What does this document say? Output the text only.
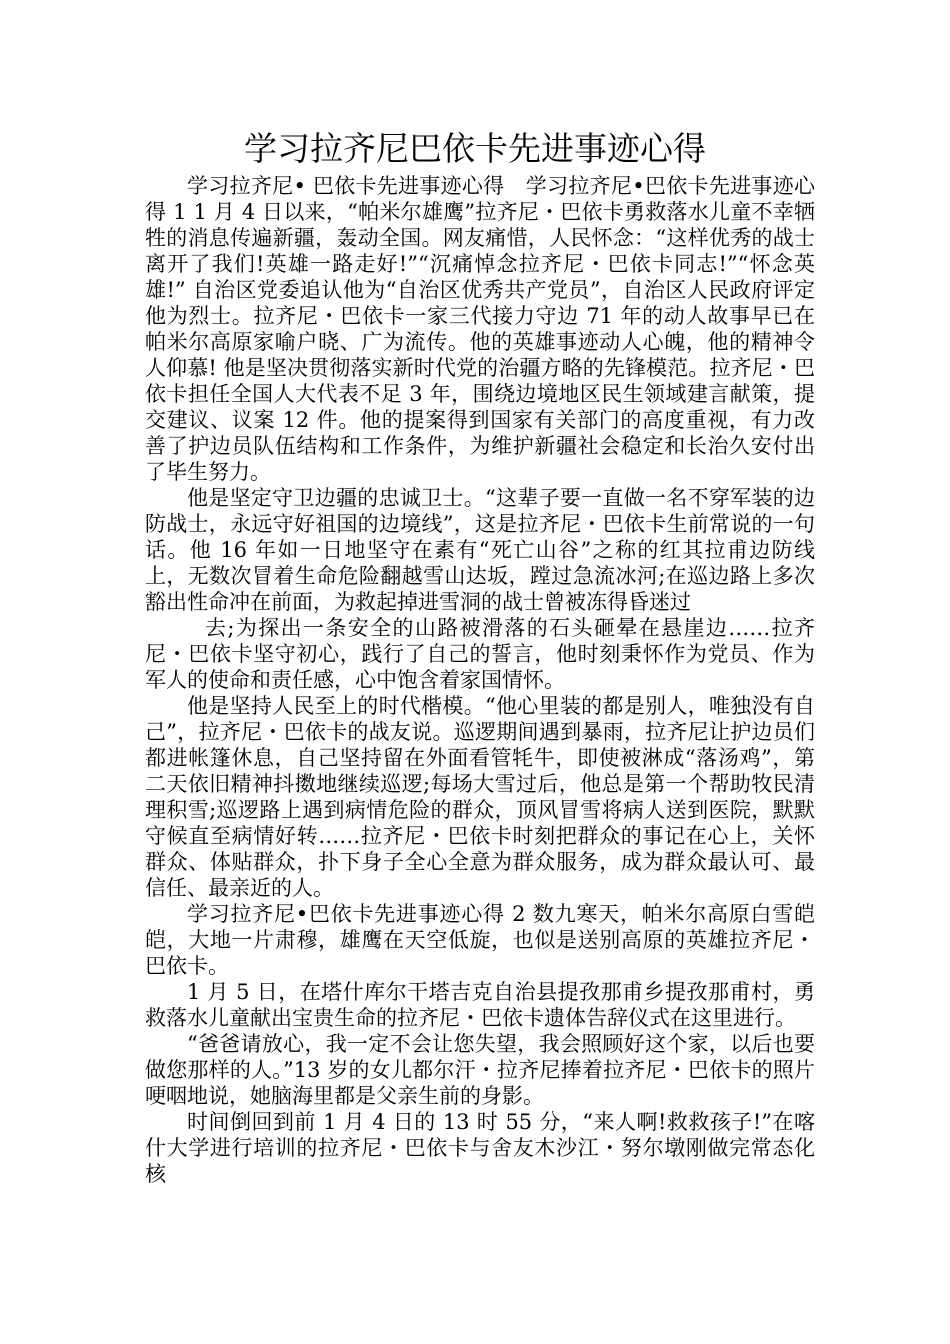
学习拉齐尼巴依卡先进事迹心得

学习拉齐尼• 巴依卡先进事迹心得　学习拉齐尼•巴依卡先进事迹心得 1 1 月 4 日以来，“帕米尔雄鹰”拉齐尼・巴依卡勇救落水儿童不幸牺牲的消息传遍新疆，轰动全国。网友痛惜，人民怀念：“这样优秀的战士离开了我们!英雄一路走好!”“沉痛悼念拉齐尼・巴依卡同志!”“怀念英雄!” 自治区党委追认他为“自治区优秀共产党员”，自治区人民政府评定他为烈士。拉齐尼・巴依卡一家三代接力守边 71 年的动人故事早已在帕米尔高原家喻户晓、广为流传。他的英雄事迹动人心魄，他的精神令人仰慕! 他是坚决贯彻落实新时代党的治疆方略的先锋模范。拉齐尼・巴依卡担任全国人大代表不足 3 年，围绕边境地区民生领域建言献策，提交建议、议案 12 件。他的提案得到国家有关部门的高度重视，有力改善了护边员队伍结构和工作条件，为维护新疆社会稳定和长治久安付出了毕生努力。

他是坚定守卫边疆的忠诚卫士。“这辈子要一直做一名不穿军装的边防战士，永远守好祖国的边境线”，这是拉齐尼・巴依卡生前常说的一句话。他 16 年如一日地坚守在素有“死亡山谷”之称的红其拉甫边防线上，无数次冒着生命危险翻越雪山达坂，蹚过急流冰河;在巡边路上多次豁出性命冲在前面，为救起掉进雪洞的战士曾被冻得昏迷过

去;为探出一条安全的山路被滑落的石头砸晕在悬崖边……拉齐尼・巴依卡坚守初心，践行了自己的誓言，他时刻秉怀作为党员、作为军人的使命和责任感，心中饱含着家国情怀。

他是坚持人民至上的时代楷模。“他心里装的都是别人，唯独没有自己”，拉齐尼・巴依卡的战友说。巡逻期间遇到暴雨，拉齐尼让护边员们都进帐篷休息，自己坚持留在外面看管牦牛，即使被淋成“落汤鸡”，第二天依旧精神抖擞地继续巡逻;每场大雪过后，他总是第一个帮助牧民清理积雪;巡逻路上遇到病情危险的群众，顶风冒雪将病人送到医院，默默守候直至病情好转……拉齐尼・巴依卡时刻把群众的事记在心上，关怀群众、体贴群众，扑下身子全心全意为群众服务，成为群众最认可、最信任、最亲近的人。

学习拉齐尼•巴依卡先进事迹心得 2 数九寒天，帕米尔高原白雪皑皑，大地一片肃穆，雄鹰在天空低旋，也似是送别高原的英雄拉齐尼・巴依卡。

1 月 5 日，在塔什库尔干塔吉克自治县提孜那甫乡提孜那甫村，勇救落水儿童献出宝贵生命的拉齐尼・巴依卡遗体告辞仪式在这里进行。

“爸爸请放心，我一定不会让您失望，我会照顾好这个家，以后也要做您那样的人。”13 岁的女儿都尔汗・拉齐尼捧着拉齐尼・巴依卡的照片哽咽地说，她脑海里都是父亲生前的身影。

时间倒回到前 1 月 4 日的 13 时 55 分，“来人啊!救救孩子!”在喀什大学进行培训的拉齐尼・巴依卡与舍友木沙江・努尔墩刚做完常态化核
